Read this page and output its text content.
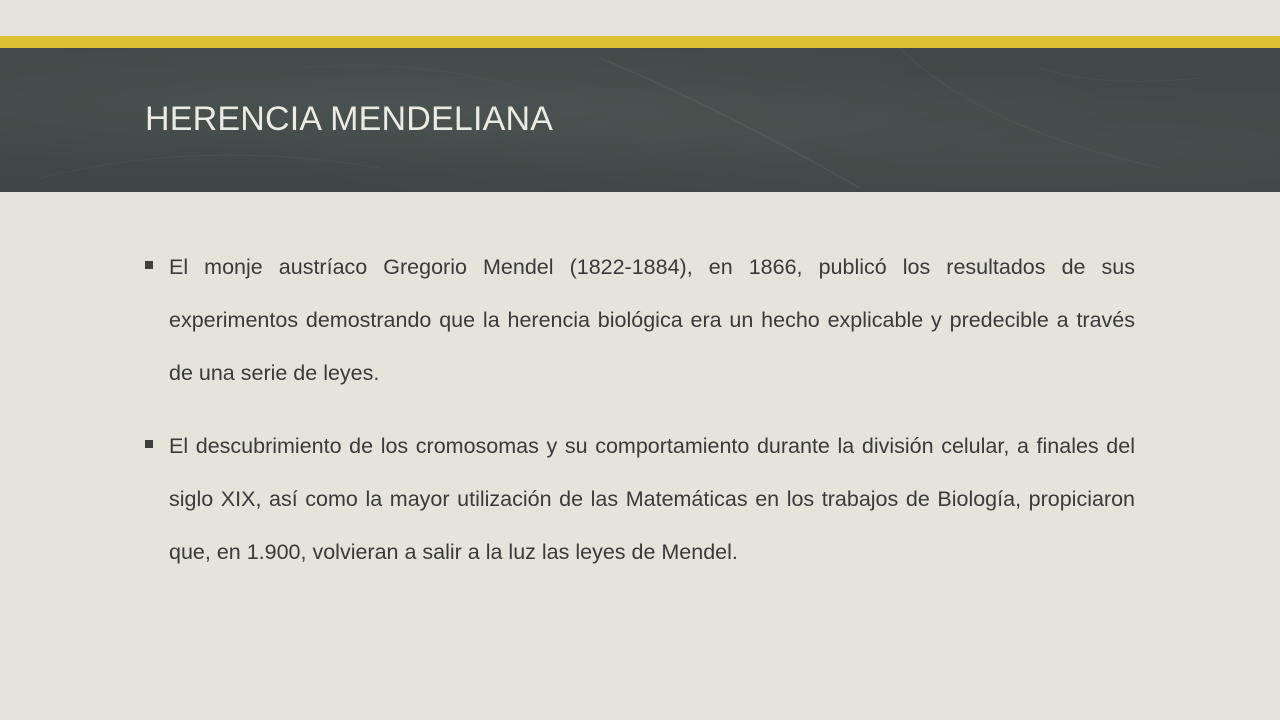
HERENCIA MENDELIANA

El monje austríaco Gregorio Mendel (1822-1884), en 1866, publicó los resultados de sus experimentos demostrando que la herencia biológica era un hecho explicable y predecible a través de una serie de leyes.

El descubrimiento de los cromosomas y su comportamiento durante la división celular, a finales del siglo XIX, así como la mayor utilización de las Matemáticas en los trabajos de Biología, propiciaron que, en 1.900, volvieran a salir a la luz las leyes de Mendel.
